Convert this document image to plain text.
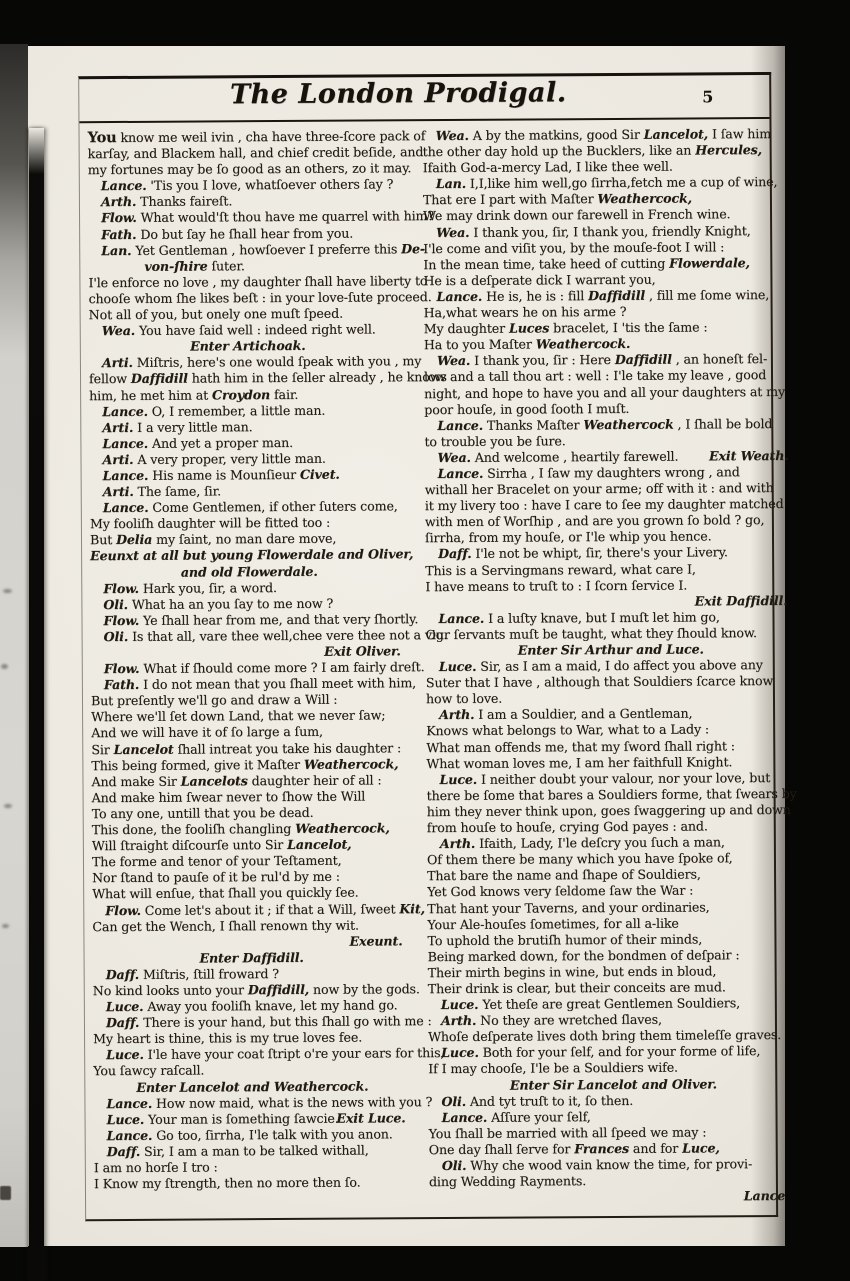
The London Prodigal.	5
You know me weil ivin , cha have three-ſcore pack of
karſay, and Blackem hall, and chief credit beſide, and
my fortunes may be ſo good as an others, zo it may.
Lance. 'Tis you I love, whatſoever others ſay ?
Arth. Thanks faireſt.
Flow. What would'ſt thou have me quarrel with him?
Fath. Do but ſay he ſhall hear from you.
Lan. Yet Gentleman , howſoever I preferre this De-
von-ſhire ſuter.
I'le enforce no love , my daughter ſhall have liberty to
chooſe whom ſhe likes beſt : in your love-ſute proceed.
Not all of you, but onely one muſt ſpeed.
Wea. You have ſaid well : indeed right well.
Enter Artichoak.
Arti. Miſtris, here's one would ſpeak with you , my
fellow Daffidill hath him in the ſeller already , he knows
him, he met him at Croydon fair.
Lance. O, I remember, a little man.
Arti. I a very little man.
Lance. And yet a proper man.
Arti. A very proper, very little man.
Lance. His name is Mounſieur Civet.
Arti. The ſame, ſir.
Lance. Come Gentlemen, if other ſuters come,
My fooliſh daughter will be fitted too :
But Delia my ſaint, no man dare move,
Eeunxt at all but young Flowerdale and Oliver,
and old Flowerdale.
Flow. Hark you, ſir, a word.
Oli. What ha an you ſay to me now ?
Flow. Ye ſhall hear from me, and that very ſhortly.
Oli. Is that all, vare thee well,chee vere thee not a vig.
Exit Oliver.
Flow. What if ſhould come more ? I am fairly dreſt.
Fath. I do not mean that you ſhall meet with him,
But preſently we'll go and draw a Will :
Where we'll ſet down Land, that we never ſaw;
And we will have it of ſo large a ſum,
Sir Lancelot ſhall intreat you take his daughter :
This being formed, give it Maſter Weathercock,
And make Sir Lancelots daughter heir of all :
And make him ſwear never to ſhow the Will
To any one, untill that you be dead.
This done, the fooliſh changling Weathercock,
Will ſtraight diſcourſe unto Sir Lancelot,
The forme and tenor of your Teſtament,
Nor ſtand to pauſe of it be rul'd by me :
What will enſue, that ſhall you quickly ſee.
Flow. Come let's about it ; if that a Will, ſweet Kit,
Can get the Wench, I ſhall renown thy wit.
Exeunt.
Enter Daffidill.
Daff. Miſtris, ſtill froward ?
No kind looks unto your Daffidill, now by the gods.
Luce. Away you fooliſh knave, let my hand go.
Daff. There is your hand, but this ſhall go with me :
My heart is thine, this is my true loves fee.
Luce. I'le have your coat ſtript o're your ears for this,
You ſawcy raſcall.
Enter Lancelot and Weathercock.
Lance. How now maid, what is the news with you ?
Luce. Your man is ſomething ſawcie.
Exit Luce.
Lance. Go too, ſirrha, I'le talk with you anon.
Daff. Sir, I am a man to be talked withall,
I am no horſe I tro :
I Know my ſtrength, then no more then ſo.
Wea. A by the matkins, good Sir Lancelot, I ſaw him
the other day hold up the Bucklers, like an Hercules,
Ifaith God-a-mercy Lad, I like thee well.
Lan. I,I,like him well,go ſirrha,fetch me a cup of wine,
That ere I part with Maſter Weathercock,
We may drink down our farewell in French wine.
Wea. I thank you, ſir, I thank you, friendly Knight,
I'le come and viſit you, by the mouſe-foot I will :
In the mean time, take heed of cutting Flowerdale,
He is a deſperate dick I warrant you,
Lance. He is, he is : fill Daffidill , fill me ſome wine,
Ha,what wears he on his arme ?
My daughter Luces bracelet, I 'tis the ſame :
Ha to you Maſter Weathercock.
Wea. I thank you, ſir : Here Daffidill , an honeſt fel-
low and a tall thou art : well : I'le take my leave , good
night, and hope to have you and all your daughters at my
poor houſe, in good ſooth I muſt.
Lance. Thanks Maſter Weathercock , I ſhall be bold
to trouble you be ſure.
Wea. And welcome , heartily farewell.	Exit Weath.
Lance. Sirrha , I ſaw my daughters wrong , and
withall her Bracelet on your arme; off with it : and with
it my livery too : have I care to ſee my daughter matched
with men of Worſhip , and are you grown ſo bold ? go,
ſirrha, from my houſe, or I'le whip you hence.
Daff. I'le not be whipt, ſir, there's your Livery.
This is a Servingmans reward, what care I,
I have means to truſt to : I ſcorn ſervice I.
Exit Daffidill.
Lance. I a luſty knave, but I muſt let him go,
Our ſervants muſt be taught, what they ſhould know.
Enter Sir Arthur and Luce.
Luce. Sir, as I am a maid, I do affect you above any
Suter that I have , although that Souldiers ſcarce know
how to love.
Arth. I am a Souldier, and a Gentleman,
Knows what belongs to War, what to a Lady :
What man offends me, that my ſword ſhall right :
What woman loves me, I am her faithfull Knight.
Luce. I neither doubt your valour, nor your love, but
there be ſome that bares a Souldiers forme, that ſwears by
him they never think upon, goes ſwaggering up and down
from houſe to houſe, crying God payes : and.
Arth. Ifaith, Lady, I'le deſcry you ſuch a man,
Of them there be many which you have ſpoke of,
That bare the name and ſhape of Souldiers,
Yet God knows very ſeldome ſaw the War :
That hant your Taverns, and your ordinaries,
Your Ale-houſes ſometimes, for all a-like
To uphold the brutiſh humor of their minds,
Being marked down, for the bondmen of deſpair :
Their mirth begins in wine, but ends in bloud,
Their drink is clear, but their conceits are mud.
Luce. Yet theſe are great Gentlemen Souldiers,
Arth. No they are wretched ſlaves,
Whoſe deſperate lives doth bring them timeleſſe graves.
Luce. Both for your ſelf, and for your forme of life,
If I may chooſe, I'le be a Souldiers wife.
Enter Sir Lancelot and Oliver.
Oli. And tyt truſt to it, ſo then.
Lance. Aſſure your ſelf,
You ſhall be married with all ſpeed we may :
One day ſhall ſerve for Frances and for Luce,
Oli. Why che wood vain know the time, for provi-
ding Wedding Rayments.
Lance
